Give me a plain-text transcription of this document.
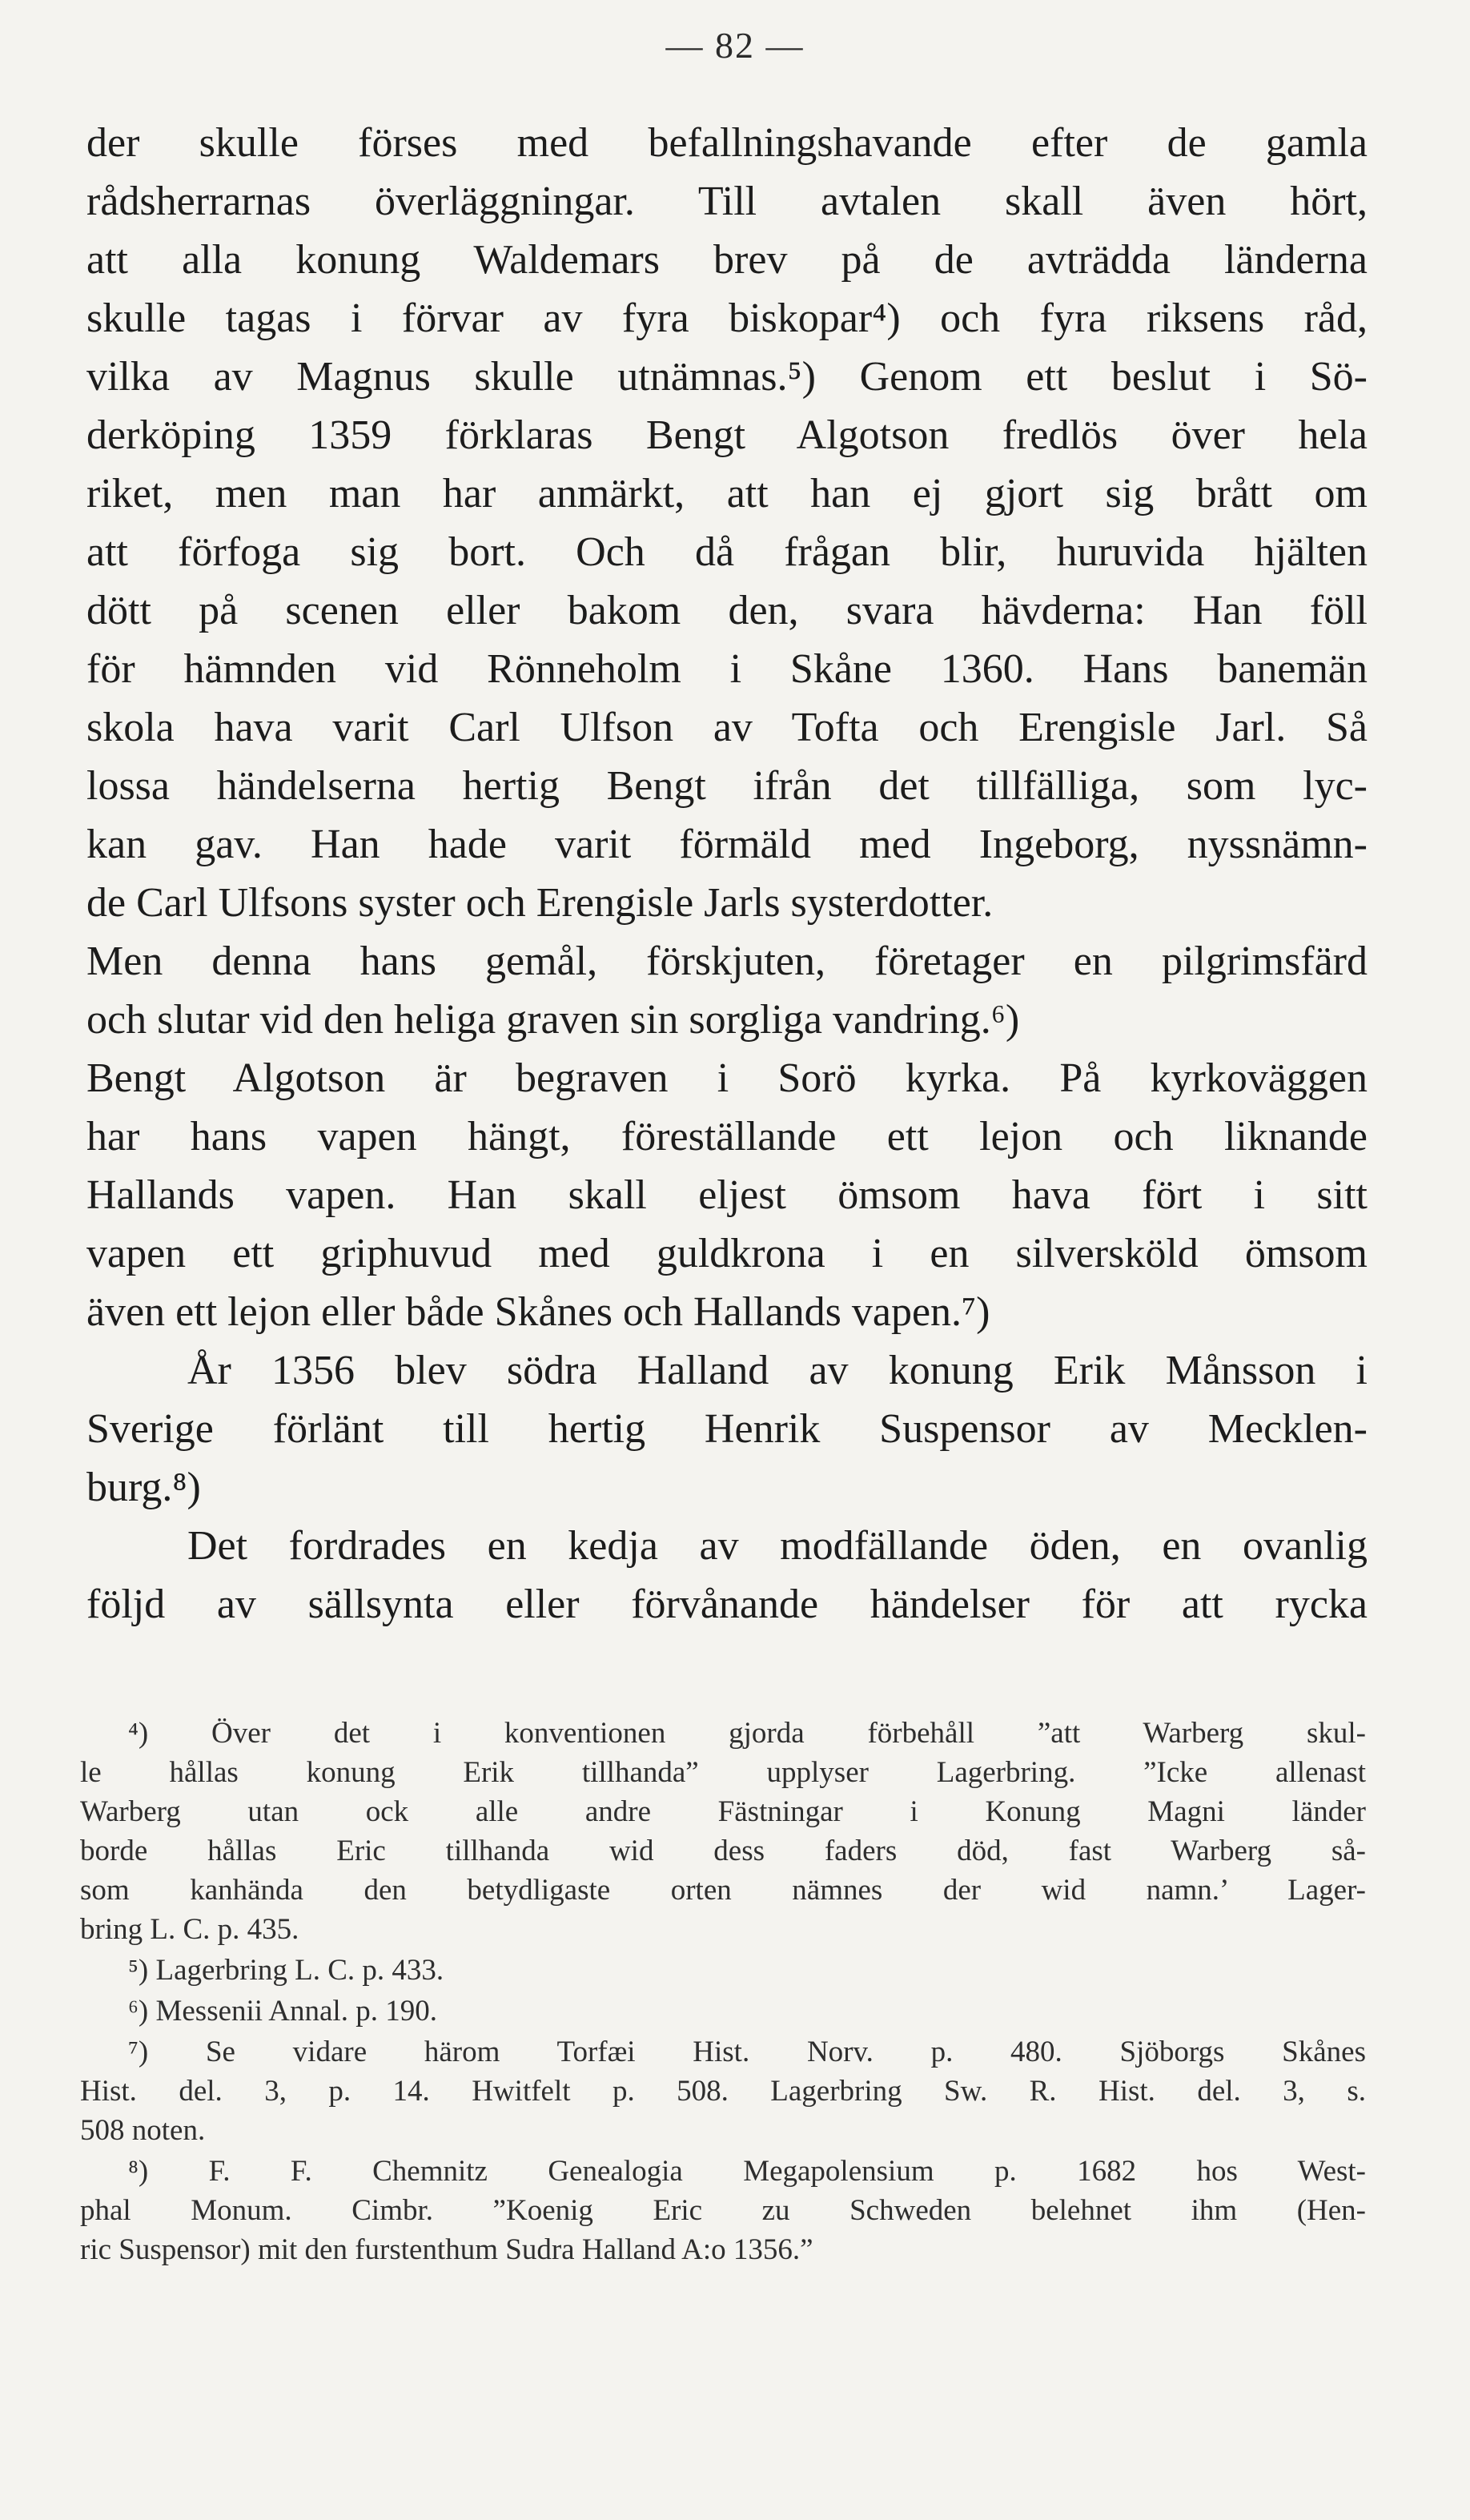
— 82 —
der skulle förses med befallningshavande efter de gamla
rådsherrarnas överläggningar. Till avtalen skall även hört,
att alla konung Waldemars brev på de avträdda länderna
skulle tagas i förvar av fyra biskopar⁴) och fyra riksens råd,
vilka av Magnus skulle utnämnas.⁵) Genom ett beslut i Sö-
derköping 1359 förklaras Bengt Algotson fredlös över hela
riket, men man har anmärkt, att han ej gjort sig brått om
att förfoga sig bort. Och då frågan blir, huruvida hjälten
dött på scenen eller bakom den, svara hävderna: Han föll
för hämnden vid Rönneholm i Skåne 1360. Hans banemän
skola hava varit Carl Ulfson av Tofta och Erengisle Jarl. Så
lossa händelserna hertig Bengt ifrån det tillfälliga, som lyc-
kan gav. Han hade varit förmäld med Ingeborg, nyssnämn-
de Carl Ulfsons syster och Erengisle Jarls systerdotter.
Men denna hans gemål, förskjuten, företager en pilgrimsfärd
och slutar vid den heliga graven sin sorgliga vandring.⁶)
Bengt Algotson är begraven i Sorö kyrka. På kyrkoväggen
har hans vapen hängt, föreställande ett lejon och liknande
Hallands vapen. Han skall eljest ömsom hava fört i sitt
vapen ett griphuvud med guldkrona i en silversköld ömsom
även ett lejon eller både Skånes och Hallands vapen.⁷)
År 1356 blev södra Halland av konung Erik Månsson i
Sverige förlänt till hertig Henrik Suspensor av Mecklen-
burg.⁸)
Det fordrades en kedja av modfällande öden, en ovanlig
följd av sällsynta eller förvånande händelser för att rycka
⁴) Över det i konventionen gjorda förbehåll ”att Warberg skul-
le hållas konung Erik tillhanda” upplyser Lagerbring. ”Icke allenast
Warberg utan ock alle andre Fästningar i Konung Magni länder
borde hållas Eric tillhanda wid dess faders död, fast Warberg så-
som kanhända den betydligaste orten nämnes der wid namn.’ Lager-
bring L. C. p. 435.
⁵) Lagerbring L. C. p. 433.
⁶) Messenii Annal. p. 190.
⁷) Se vidare härom Torfæi Hist. Norv. p. 480. Sjöborgs Skånes
Hist. del. 3, p. 14. Hwitfelt p. 508. Lagerbring Sw. R. Hist. del. 3, s.
508 noten.
⁸) F. F. Chemnitz Genealogia Megapolensium p. 1682 hos West-
phal Monum. Cimbr. ”Koenig Eric zu Schweden belehnet ihm (Hen-
ric Suspensor) mit den furstenthum Sudra Halland A:o 1356.”
